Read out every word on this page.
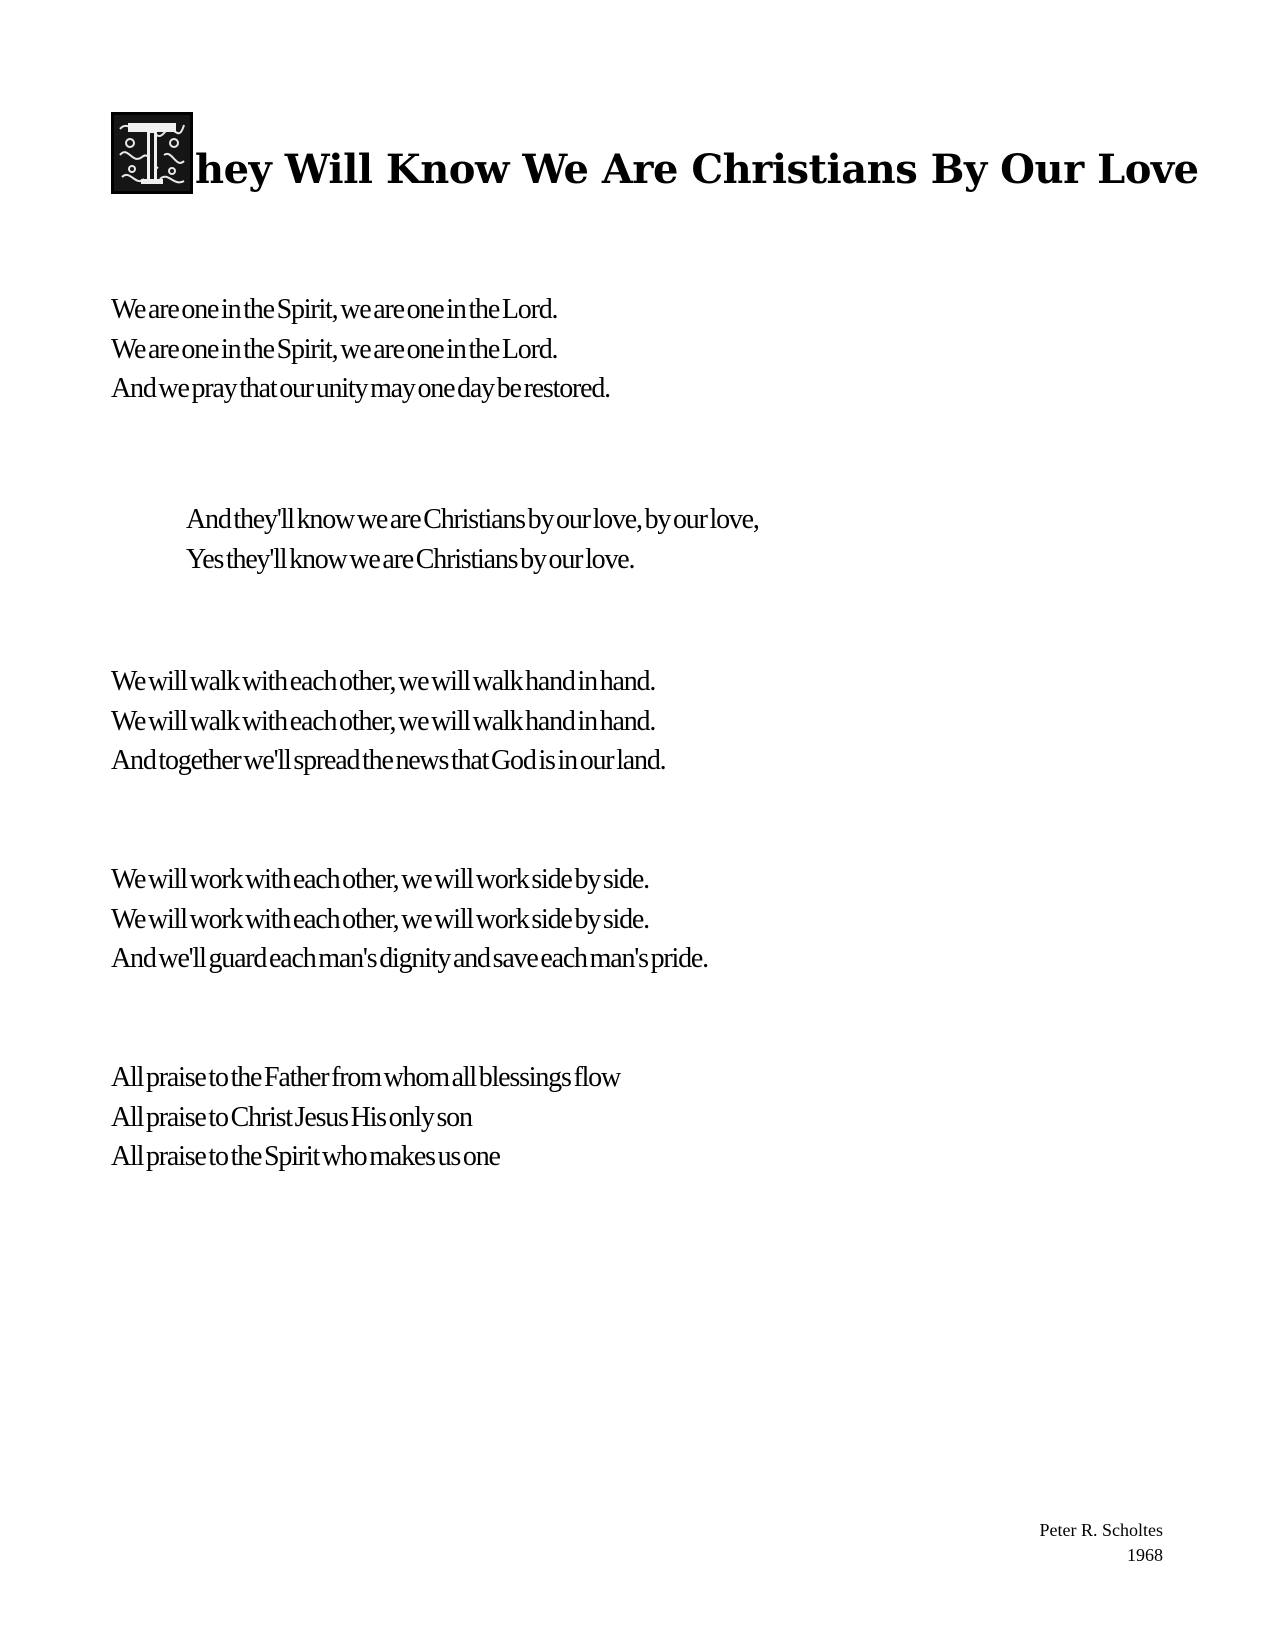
hey Will Know We Are Christians By Our Love
We are one in the Spirit, we are one in the Lord.
We are one in the Spirit, we are one in the Lord.
And we pray that our unity may one day be restored.
And they'll know we are Christians by our love, by our love,
Yes they'll know we are Christians by our love.
We will walk with each other, we will walk hand in hand.
We will walk with each other, we will walk hand in hand.
And together we'll spread the news that God is in our land.
We will work with each other, we will work side by side.
We will work with each other, we will work side by side.
And we'll guard each man's dignity and save each man's pride.
All praise to the Father from whom all blessings flow
All praise to Christ Jesus His only son
All praise to the Spirit who makes us one
Peter R. Scholtes
1968
